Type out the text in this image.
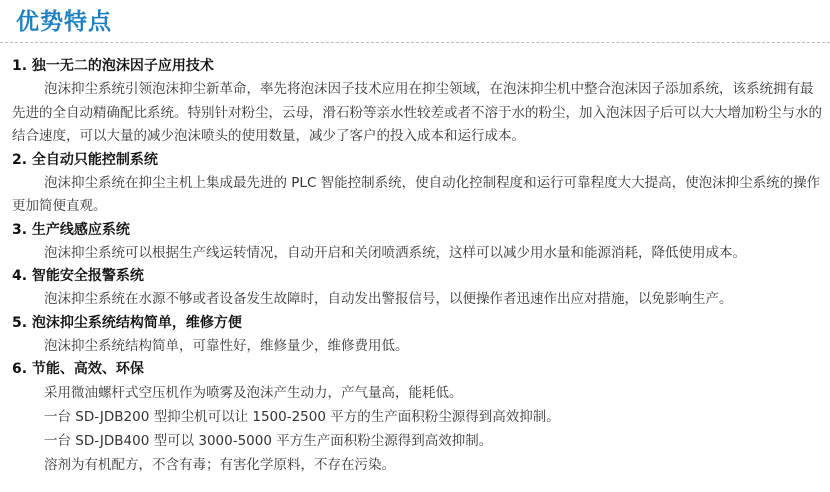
优势特点
1. 独一无二的泡沫因子应用技术

泡沫抑尘系统引领泡沫抑尘新革命，率先将泡沫因子技术应用在抑尘领域，在泡沫抑尘机中整合泡沫因子添加系统，该系统拥有最先进的全自动精确配比系统。特别针对粉尘，云母，滑石粉等亲水性较差或者不溶于水的粉尘，加入泡沫因子后可以大大增加粉尘与水的结合速度，可以大量的减少泡沫喷头的使用数量，减少了客户的投入成本和运行成本。

2. 全自动只能控制系统

泡沫抑尘系统在抑尘主机上集成最先进的 PLC 智能控制系统，使自动化控制程度和运行可靠程度大大提高，使泡沫抑尘系统的操作更加简便直观。

3. 生产线感应系统

泡沫抑尘系统可以根据生产线运转情况，自动开启和关闭喷洒系统，这样可以减少用水量和能源消耗，降低使用成本。

4. 智能安全报警系统

泡沫抑尘系统在水源不够或者设备发生故障时，自动发出警报信号，以便操作者迅速作出应对措施，以免影响生产。

5. 泡沫抑尘系统结构简单，维修方便

泡沫抑尘系统结构简单，可靠性好，维修量少，维修费用低。

6. 节能、高效、环保
采用微油螺杆式空压机作为喷雾及泡沫产生动力，产气量高，能耗低。
一台 SD-JDB200 型抑尘机可以让 1500-2500 平方的生产面积粉尘源得到高效抑制。
一台 SD-JDB400 型可以 3000-5000 平方生产面积粉尘源得到高效抑制。
溶剂为有机配方，不含有毒；有害化学原料，不存在污染。
